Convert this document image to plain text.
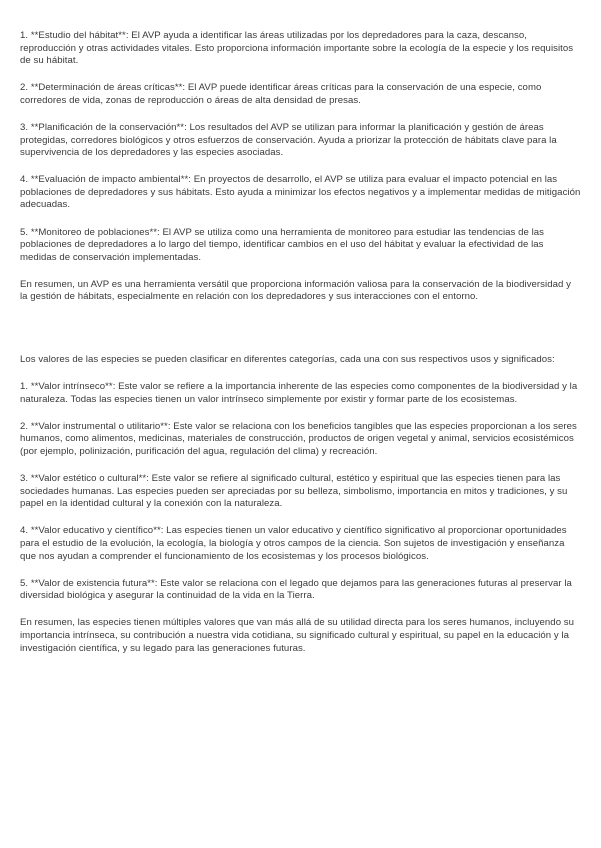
1. **Estudio del hábitat**: El AVP ayuda a identificar las áreas utilizadas por los depredadores para la caza, descanso, reproducción y otras actividades vitales. Esto proporciona información importante sobre la ecología de la especie y los requisitos de su hábitat.

2. **Determinación de áreas críticas**: El AVP puede identificar áreas críticas para la conservación de una especie, como corredores de vida, zonas de reproducción o áreas de alta densidad de presas.

3. **Planificación de la conservación**: Los resultados del AVP se utilizan para informar la planificación y gestión de áreas protegidas, corredores biológicos y otros esfuerzos de conservación. Ayuda a priorizar la protección de hábitats clave para la supervivencia de los depredadores y las especies asociadas.

4. **Evaluación de impacto ambiental**: En proyectos de desarrollo, el AVP se utiliza para evaluar el impacto potencial en las poblaciones de depredadores y sus hábitats. Esto ayuda a minimizar los efectos negativos y a implementar medidas de mitigación adecuadas.

5. **Monitoreo de poblaciones**: El AVP se utiliza como una herramienta de monitoreo para estudiar las tendencias de las poblaciones de depredadores a lo largo del tiempo, identificar cambios en el uso del hábitat y evaluar la efectividad de las medidas de conservación implementadas.

En resumen, un AVP es una herramienta versátil que proporciona información valiosa para la conservación de la biodiversidad y la gestión de hábitats, especialmente en relación con los depredadores y sus interacciones con el entorno.

Los valores de las especies se pueden clasificar en diferentes categorías, cada una con sus respectivos usos y significados:

1. **Valor intrínseco**: Este valor se refiere a la importancia inherente de las especies como componentes de la biodiversidad y la naturaleza. Todas las especies tienen un valor intrínseco simplemente por existir y formar parte de los ecosistemas.

2. **Valor instrumental o utilitario**: Este valor se relaciona con los beneficios tangibles que las especies proporcionan a los seres humanos, como alimentos, medicinas, materiales de construcción, productos de origen vegetal y animal, servicios ecosistémicos (por ejemplo, polinización, purificación del agua, regulación del clima) y recreación.

3. **Valor estético o cultural**: Este valor se refiere al significado cultural, estético y espiritual que las especies tienen para las sociedades humanas. Las especies pueden ser apreciadas por su belleza, simbolismo, importancia en mitos y tradiciones, y su papel en la identidad cultural y la conexión con la naturaleza.

4. **Valor educativo y científico**: Las especies tienen un valor educativo y científico significativo al proporcionar oportunidades para el estudio de la evolución, la ecología, la biología y otros campos de la ciencia. Son sujetos de investigación y enseñanza que nos ayudan a comprender el funcionamiento de los ecosistemas y los procesos biológicos.

5. **Valor de existencia futura**: Este valor se relaciona con el legado que dejamos para las generaciones futuras al preservar la diversidad biológica y asegurar la continuidad de la vida en la Tierra.

En resumen, las especies tienen múltiples valores que van más allá de su utilidad directa para los seres humanos, incluyendo su importancia intrínseca, su contribución a nuestra vida cotidiana, su significado cultural y espiritual, su papel en la educación y la investigación científica, y su legado para las generaciones futuras.
